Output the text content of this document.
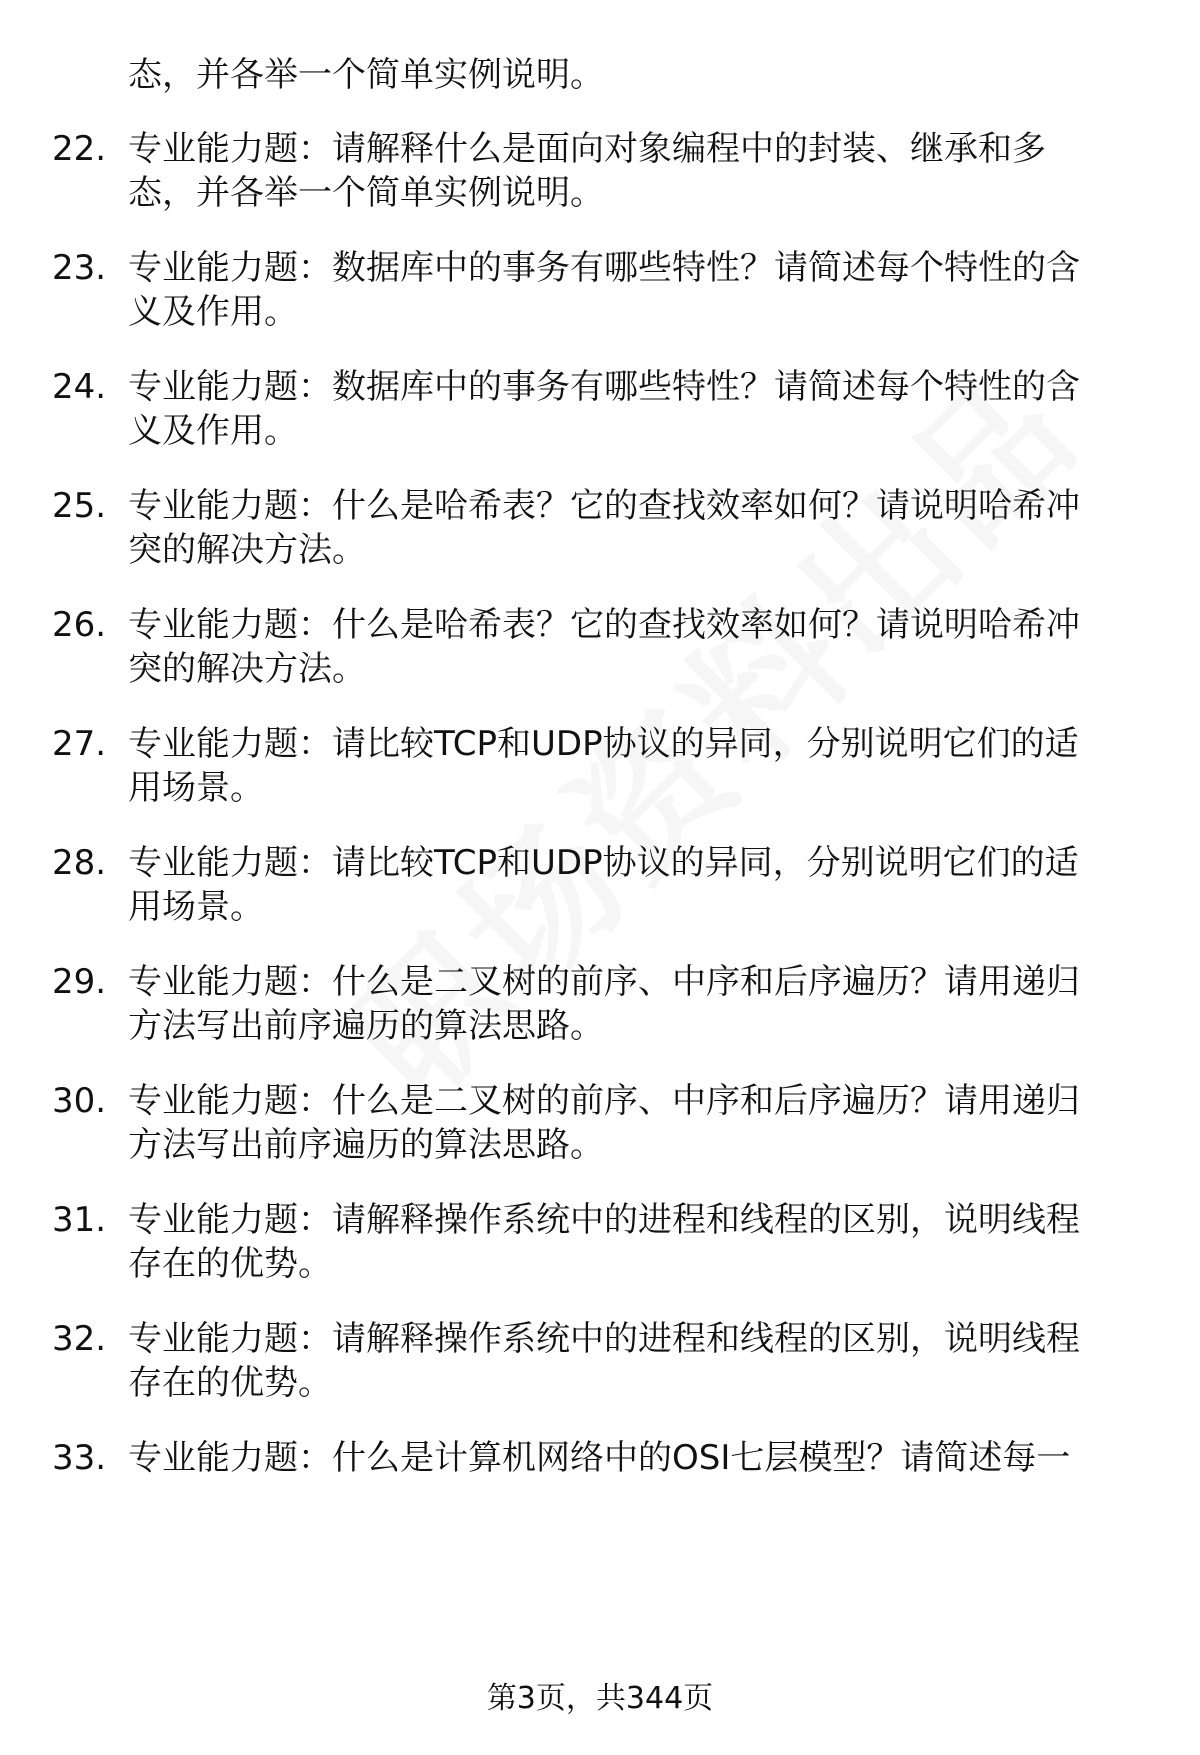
态，并各举一个简单实例说明。
22. 专业能力题：请解释什么是面向对象编程中的封装、继承和多
态，并各举一个简单实例说明。
23. 专业能力题：数据库中的事务有哪些特性？请简述每个特性的含
义及作用。
24. 专业能力题：数据库中的事务有哪些特性？请简述每个特性的含
义及作用。
25. 专业能力题：什么是哈希表？它的查找效率如何？请说明哈希冲
突的解决方法。
26. 专业能力题：什么是哈希表？它的查找效率如何？请说明哈希冲
突的解决方法。
27. 专业能力题：请比较TCP和UDP协议的异同，分别说明它们的适
用场景。
28. 专业能力题：请比较TCP和UDP协议的异同，分别说明它们的适
用场景。
29. 专业能力题：什么是二叉树的前序、中序和后序遍历？请用递归
方法写出前序遍历的算法思路。
30. 专业能力题：什么是二叉树的前序、中序和后序遍历？请用递归
方法写出前序遍历的算法思路。
31. 专业能力题：请解释操作系统中的进程和线程的区别，说明线程
存在的优势。
32. 专业能力题：请解释操作系统中的进程和线程的区别，说明线程
存在的优势。
33. 专业能力题：什么是计算机网络中的OSI七层模型？请简述每一
第3页，共344页
